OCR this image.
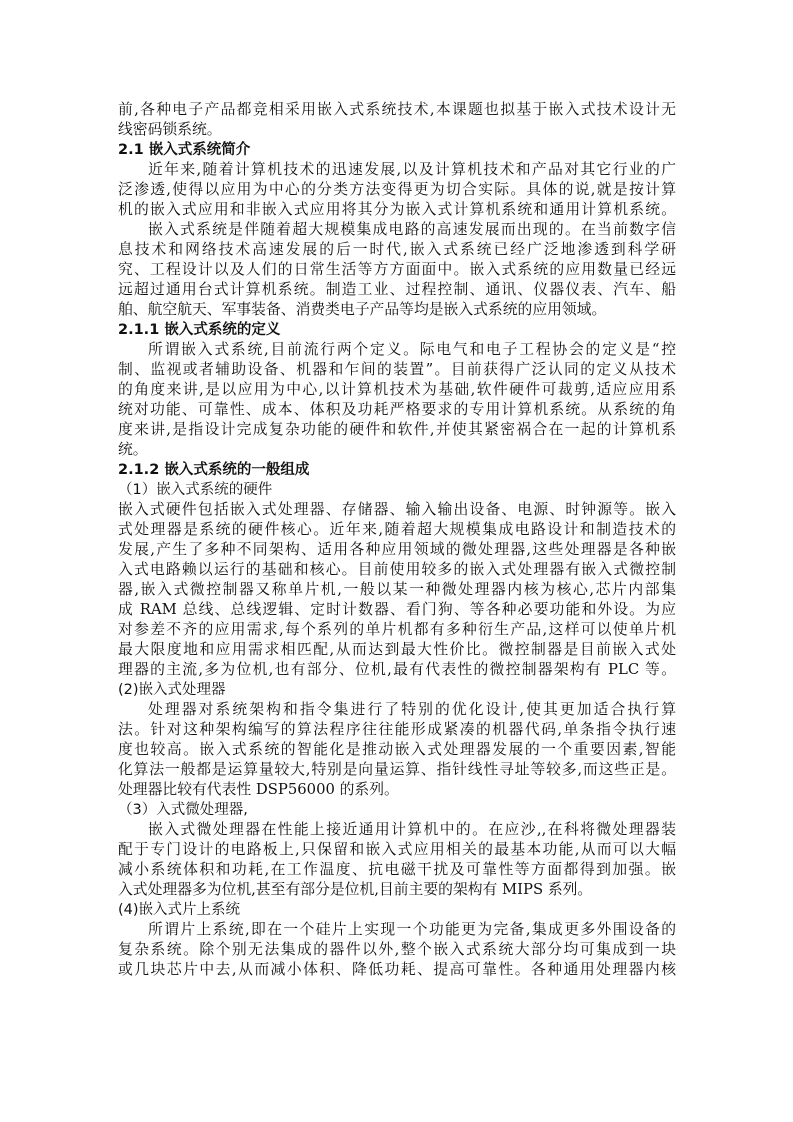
前,各种电子产品都竞相采用嵌入式系统技术,本课题也拟基于嵌入式技术设计无
线密码锁系统。
2.1 嵌入式系统简介
近年来,随着计算机技术的迅速发展,以及计算机技术和产品对其它行业的广
泛渗透,使得以应用为中心的分类方法变得更为切合实际。具体的说,就是按计算
机的嵌入式应用和非嵌入式应用将其分为嵌入式计算机系统和通用计算机系统。
嵌入式系统是伴随着超大规模集成电路的高速发展而出现的。在当前数字信
息技术和网络技术高速发展的后一时代,嵌入式系统已经广泛地渗透到科学研
究、工程设计以及人们的日常生活等方方面面中。嵌入式系统的应用数量已经远
远超过通用台式计算机系统。制造工业、过程控制、通讯、仪器仪表、汽车、船
舶、航空航天、军事装备、消费类电子产品等均是嵌入式系统的应用领域。
2.1.1 嵌入式系统的定义
所谓嵌入式系统,目前流行两个定义。际电气和电子工程协会的定义是“控
制、监视或者辅助设备、机器和乍间的装置”。目前获得广泛认同的定义从技术
的角度来讲,是以应用为中心,以计算机技术为基础,软件硬件可裁剪,适应应用系
统对功能、可靠性、成本、体积及功耗严格要求的专用计算机系统。从系统的角
度来讲,是指设计完成复杂功能的硬件和软件,并使其紧密祸合在一起的计算机系
统。
2.1.2 嵌入式系统的一般组成
（1）嵌入式系统的硬件
嵌入式硬件包括嵌入式处理器、存储器、输入输出设备、电源、时钟源等。嵌入
式处理器是系统的硬件核心。近年来,随着超大规模集成电路设计和制造技术的
发展,产生了多种不同架构、适用各种应用领域的微处理器,这些处理器是各种嵌
入式电路赖以运行的基础和核心。目前使用较多的嵌入式处理器有嵌入式微控制
器,嵌入式微控制器又称单片机,一般以某一种微处理器内核为核心,芯片内部集
成 RAM 总线、总线逻辑、定时计数器、看门狗、等各种必要功能和外设。为应
对参差不齐的应用需求,每个系列的单片机都有多种衍生产品,这样可以使单片机
最大限度地和应用需求相匹配,从而达到最大性价比。微控制器是目前嵌入式处
理器的主流,多为位机,也有部分、位机,最有代表性的微控制器架构有 PLC 等。
(2)嵌入式处理器
处理器对系统架构和指令集进行了特别的优化设计,使其更加适合执行算
法。针对这种架构编写的算法程序往往能形成紧凑的机器代码,单条指令执行速
度也较高。嵌入式系统的智能化是推动嵌入式处理器发展的一个重要因素,智能
化算法一般都是运算量较大,特别是向量运算、指针线性寻址等较多,而这些正是。
处理器比较有代表性 DSP56000 的系列。
（3）入式微处理器,
嵌入式微处理器在性能上接近通用计算机中的。在应沙,,在科将微处理器装
配于专门设计的电路板上,只保留和嵌入式应用相关的最基本功能,从而可以大幅
减小系统体积和功耗,在工作温度、抗电磁干扰及可靠性等方面都得到加强。嵌
入式处理器多为位机,甚至有部分是位机,目前主要的架构有 MIPS 系列。
(4)嵌入式片上系统
所谓片上系统,即在一个硅片上实现一个功能更为完备,集成更多外围设备的
复杂系统。除个别无法集成的器件以外,整个嵌入式系统大部分均可集成到一块
或几块芯片中去,从而减小体积、降低功耗、提高可靠性。各种通用处理器内核
